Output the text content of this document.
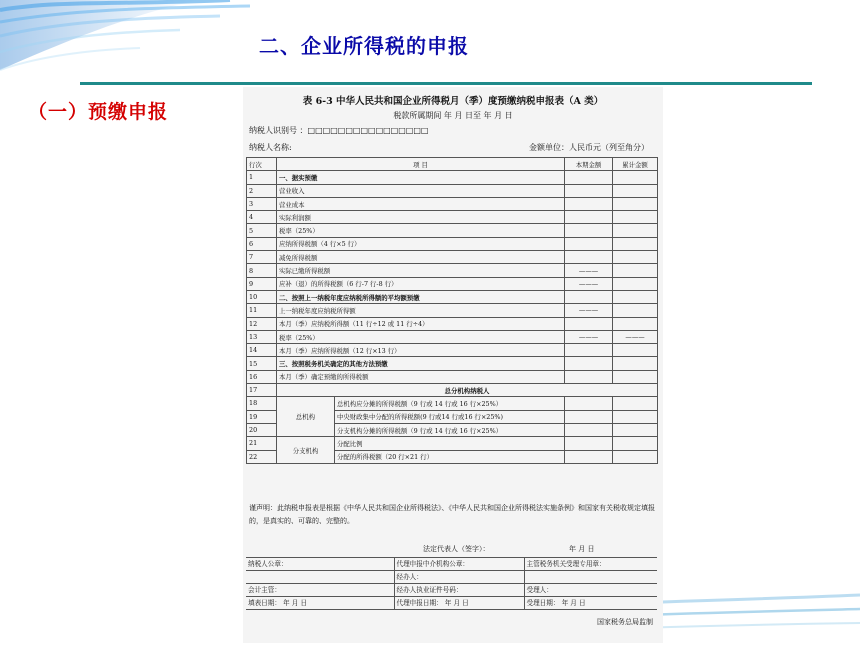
二、企业所得税的申报
（一）预缴申报	表 6-3 中华人民共和国企业所得税月（季）度预缴纳税申报表（A 类）
税款所属期间 年 月 日至 年 月 日
纳税人识别号 ：□□□□□□□□□□□□□□□□
纳税人名称:	金额单位：人民币元（列至角分）
行次	项 目		本期金额	累计金额
1	一、据实预缴			
2	营业收入			
3	营业成本			
4	实际利润额			
5	税率（25%）			
6	应纳所得税额（4 行×5 行）			
7	减免所得税额			
8	实际已缴所得税额		———	
9	应补（退）的所得税额（6 行-7 行-8 行）		———	
10	二、按照上一纳税年度应纳税所得额的平均额预缴			
11	上一纳税年度应纳税所得额		———	
12	本月（季）应纳税所得额（11 行÷12 或 11 行÷4）			
13	税率（25%）		———	———
14	本月（季）应纳所得税额（12 行×13 行）			
15	三、按照税务机关确定的其他方法预缴			
16	本月（季）确定预缴的所得税额			
17	总分机构纳税人			
18	总机构	总机构应分摊的所得税额（9 行或 14 行或 16 行×25%）		
19		中央财政集中分配的所得税额(9 行或14 行或16 行×25%)		
20		分支机构分摊的所得税额（9 行或 14 行或 16 行×25%）		
21	分支机构	分配比例		
22		分配的所得税额（20 行×21 行）		
谨声明：此纳税申报表是根据《中华人民共和国企业所得税法》、《中华人民共和国企业所得税法实施条例》和国家有关税收规定填报的，是真实的、可靠的、完整的。
法定代表人（签字）：	年 月 日
纳税人公章：	代理申报中介机构公章：	主管税务机关受理专用章：
	经办人：	
会计主管：	经办人执业证件号码：	受理人：
填表日期： 年 月 日	代理申报日期： 年 月 日	受理日期： 年 月 日
国家税务总局监制
